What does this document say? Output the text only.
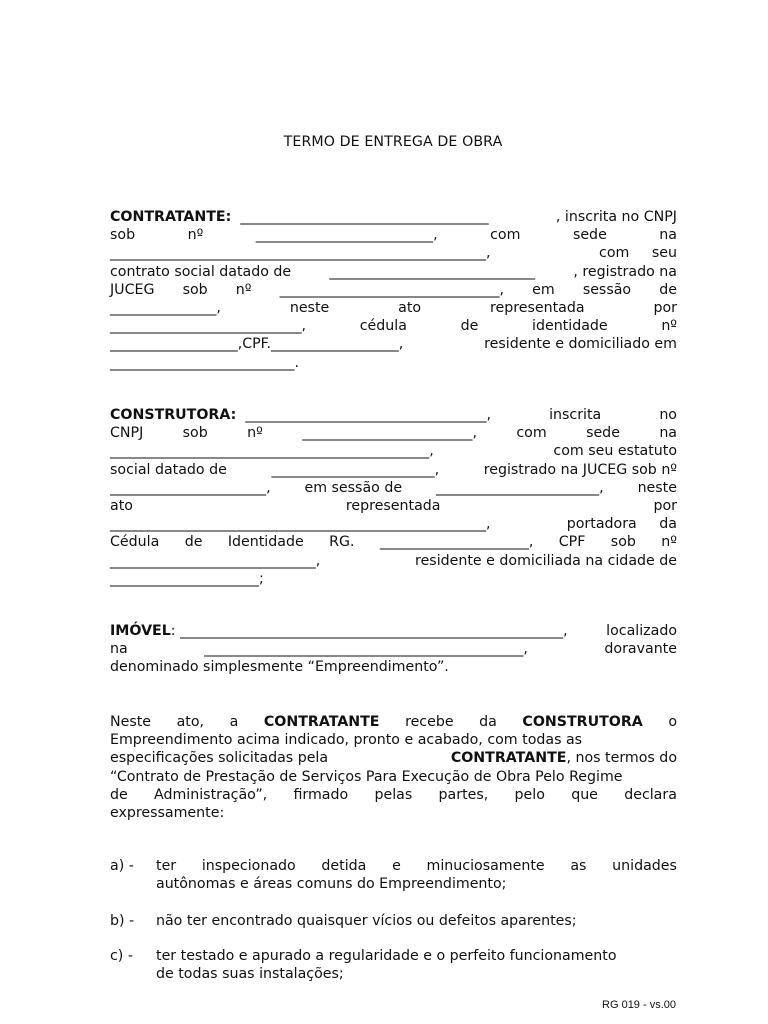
TERMO DE ENTREGA DE OBRA
CONTRATANTE: ___________________________________	, inscrita no CNPJ
sob	nº	_________________________,	com	sede	na
_____________________________________________________,	com     seu
contrato social datado de	_____________________________	, registrado na
JUCEG sob nº _______________________________, em sessão de
_______________,	neste	ato	representada	por
___________________________,	cédula	de	identidade	nº
__________________,CPF.__________________,	residente e domiciliado em
__________________________.
CONSTRUTORA: __________________________________,	inscrita	no
CNPJ	sob	nº	________________________,	com	sede	na
_____________________________________________,	com seu estatuto
social datado de	_______________________,	registrado na JUCEG sob nº
______________________, em sessão de _______________________, neste
ato	representada	por
_____________________________________________________,	portadora     da
Cédula de Identidade RG. _____________________, CPF sob nº
_____________________________,	residente e domiciliada na cidade de
_____________________;
IMÓVEL: ______________________________________________________,	localizado
na	_____________________________________________,	doravante
denominado simplesmente “Empreendimento”.
Neste ato, a CONTRATANTE recebe da CONSTRUTORA o
Empreendimento acima indicado, pronto e acabado, com todas as
especificações solicitadas pela	CONTRATANTE, nos termos do
“Contrato de Prestação de Serviços Para Execução de Obra Pelo Regime
de Administração”, firmado pelas partes, pelo que declara
expressamente:
a) - ter inspecionado detida e minuciosamente as unidades
autônomas e áreas comuns do Empreendimento;
b) - não ter encontrado quaisquer vícios ou defeitos aparentes;
c) - ter testado e apurado a regularidade e o perfeito funcionamento
de todas suas instalações;
RG 019 - vs.00
